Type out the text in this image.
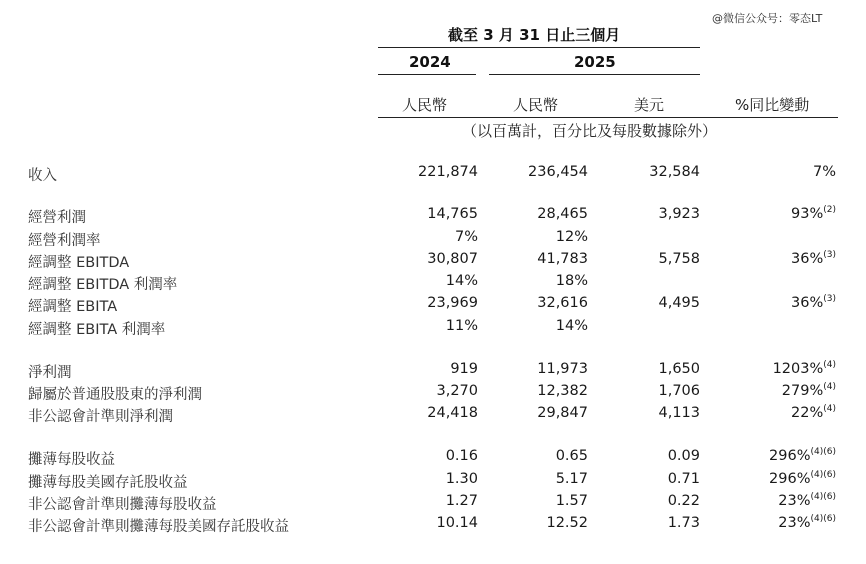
@微信公众号：零态LT
截至 3 月 31 日止三個月
2024	2025
人民幣	人民幣	美元	%同比變動
（以百萬計，百分比及每股數據除外）
收入	221,874	236,454	32,584	7%
經營利潤	14,765	28,465	3,923	93%$^{(2)}$
經營利潤率	7%	12%
經調整 EBITDA	30,807	41,783	5,758	36%$^{(3)}$
經調整 EBITDA 利潤率	14%	18%
經調整 EBITA	23,969	32,616	4,495	36%$^{(3)}$
經調整 EBITA 利潤率	11%	14%
淨利潤	919	11,973	1,650	1203%$^{(4)}$
歸屬於普通股股東的淨利潤	3,270	12,382	1,706	279%$^{(4)}$
非公認會計準則淨利潤	24,418	29,847	4,113	22%$^{(4)}$
攤薄每股收益	0.16	0.65	0.09	296%$^{(4)(6)}$
攤薄每股美國存託股收益	1.30	5.17	0.71	296%$^{(4)(6)}$
非公認會計準則攤薄每股收益	1.27	1.57	0.22	23%$^{(4)(6)}$
非公認會計準則攤薄每股美國存託股收益	10.14	12.52	1.73	23%$^{(4)(6)}$
